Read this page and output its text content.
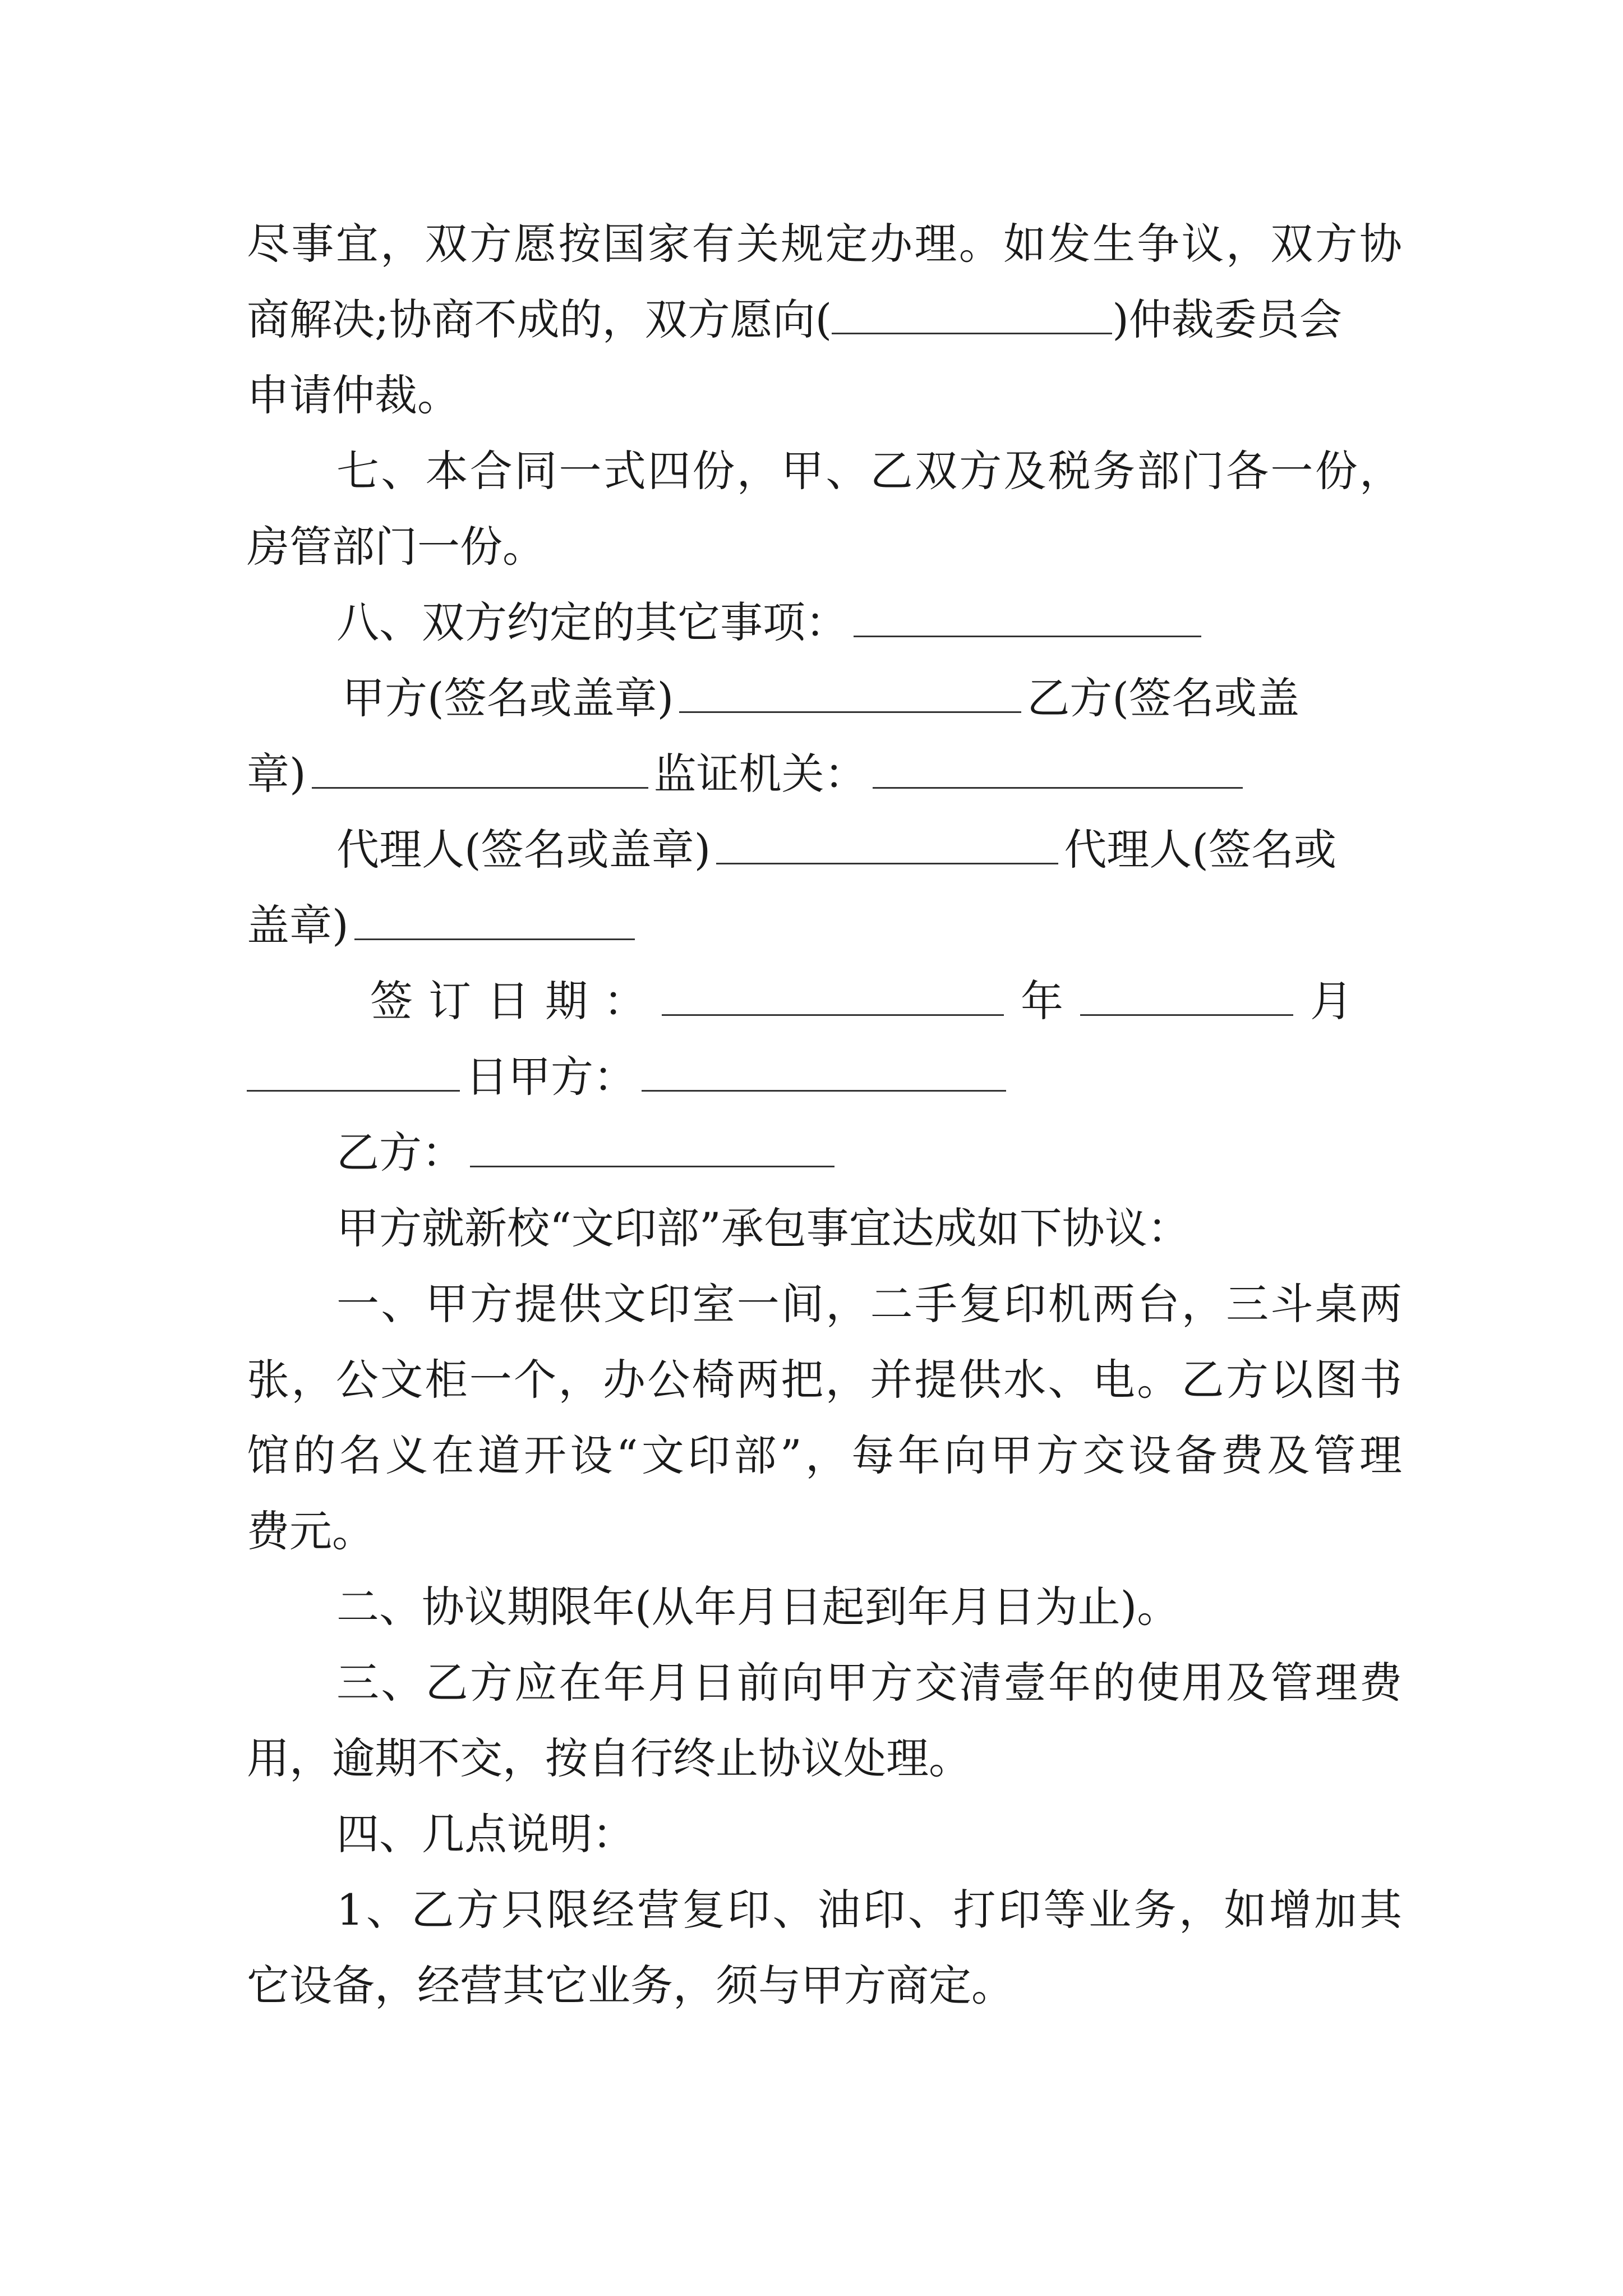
尽事宜，双方愿按国家有关规定办理。如发生争议，双方协
商解决;协商不成的，双方愿向(	)仲裁委员会
申请仲裁。
七、本合同一式四份，甲、乙双方及税务部门各一份，
房管部门一份。
八、双方约定的其它事项：
甲方(签名或盖章)	乙方(签名或盖
章)	监证机关：
代理人(签名或盖章)	代理人(签名或
盖章)
签订日期：	年	月
日甲方：
乙方：
甲方就新校“文印部”承包事宜达成如下协议：
一、甲方提供文印室一间，二手复印机两台，三斗桌两
张，公文柜一个，办公椅两把，并提供水、电。乙方以图书
馆的名义在道开设“文印部”，每年向甲方交设备费及管理
费元。
二、协议期限年(从年月日起到年月日为止)。
三、乙方应在年月日前向甲方交清壹年的使用及管理费
用，逾期不交，按自行终止协议处理。
四、几点说明：
1、乙方只限经营复印、油印、打印等业务，如增加其
它设备，经营其它业务，须与甲方商定。
